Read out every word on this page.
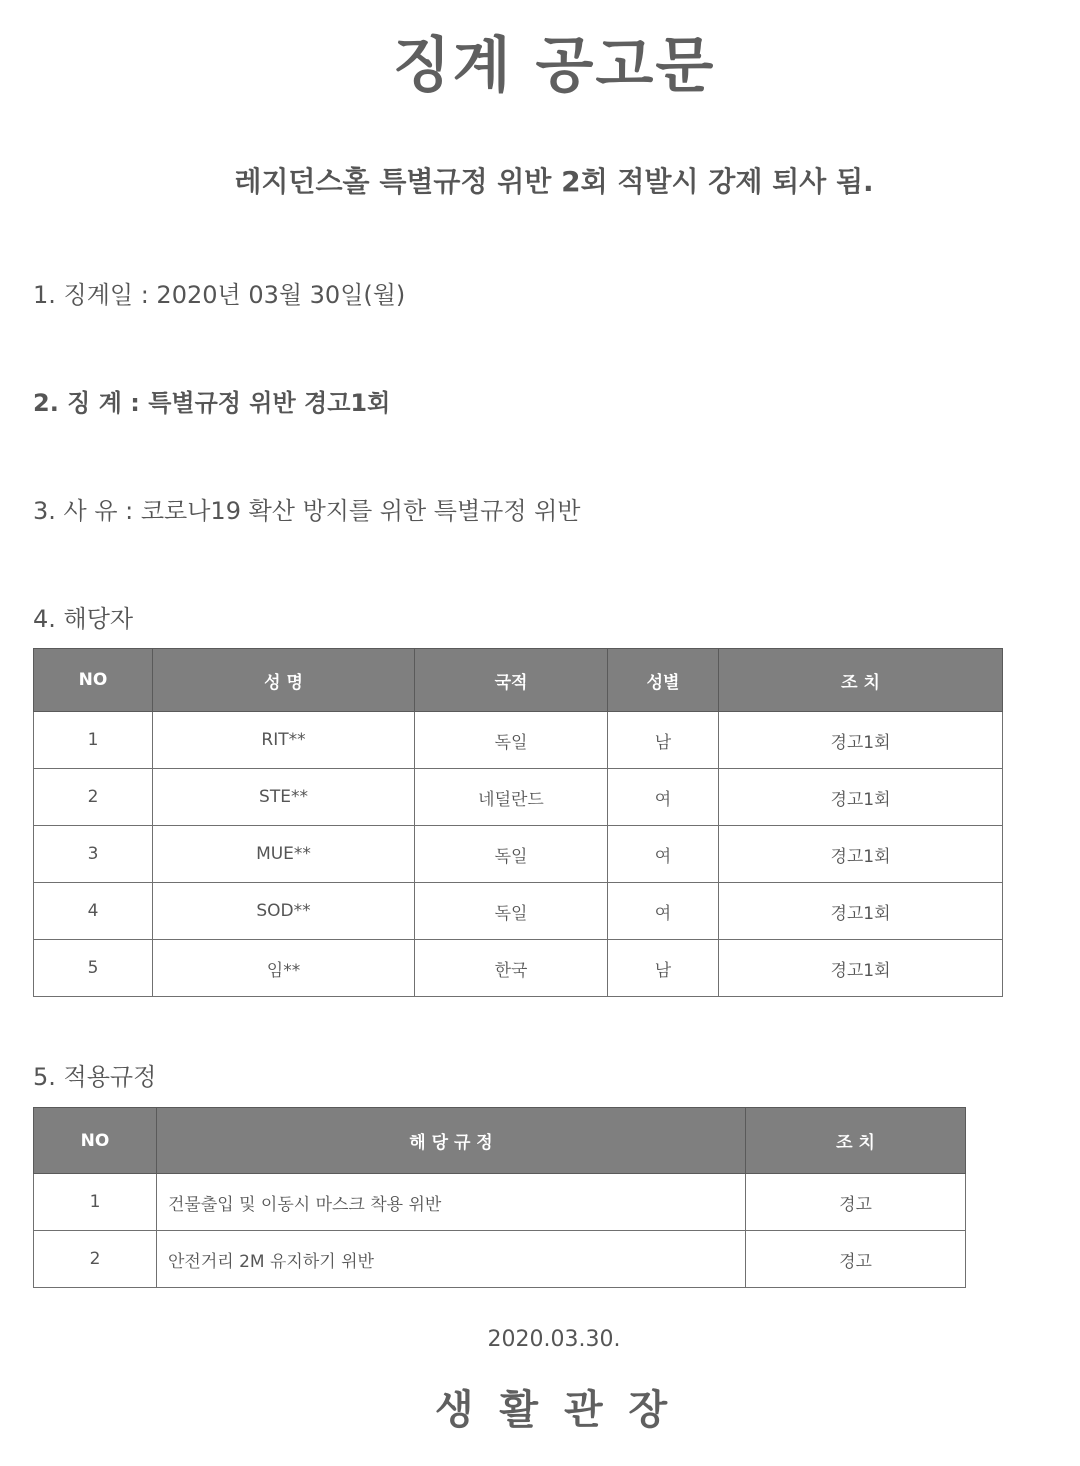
징계 공고문
레지던스홀 특별규정 위반 2회 적발시 강제 퇴사 됨.
1. 징계일 : 2020년 03월 30일(월)
2. 징 계 : 특별규정 위반 경고1회
3. 사 유 : 코로나19 확산 방지를 위한 특별규정 위반
4. 해당자
NO	성 명	국적	성별	조 치
1	RIT**	독일	남	경고1회
2	STE**	네덜란드	여	경고1회
3	MUE**	독일	여	경고1회
4	SOD**	독일	여	경고1회
5	임**	한국	남	경고1회
5. 적용규정
NO	해 당 규 정	조 치
1	건물출입 및 이동시 마스크 착용 위반	경고
2	안전거리 2M 유지하기 위반	경고
2020.03.30.
생 활 관 장
